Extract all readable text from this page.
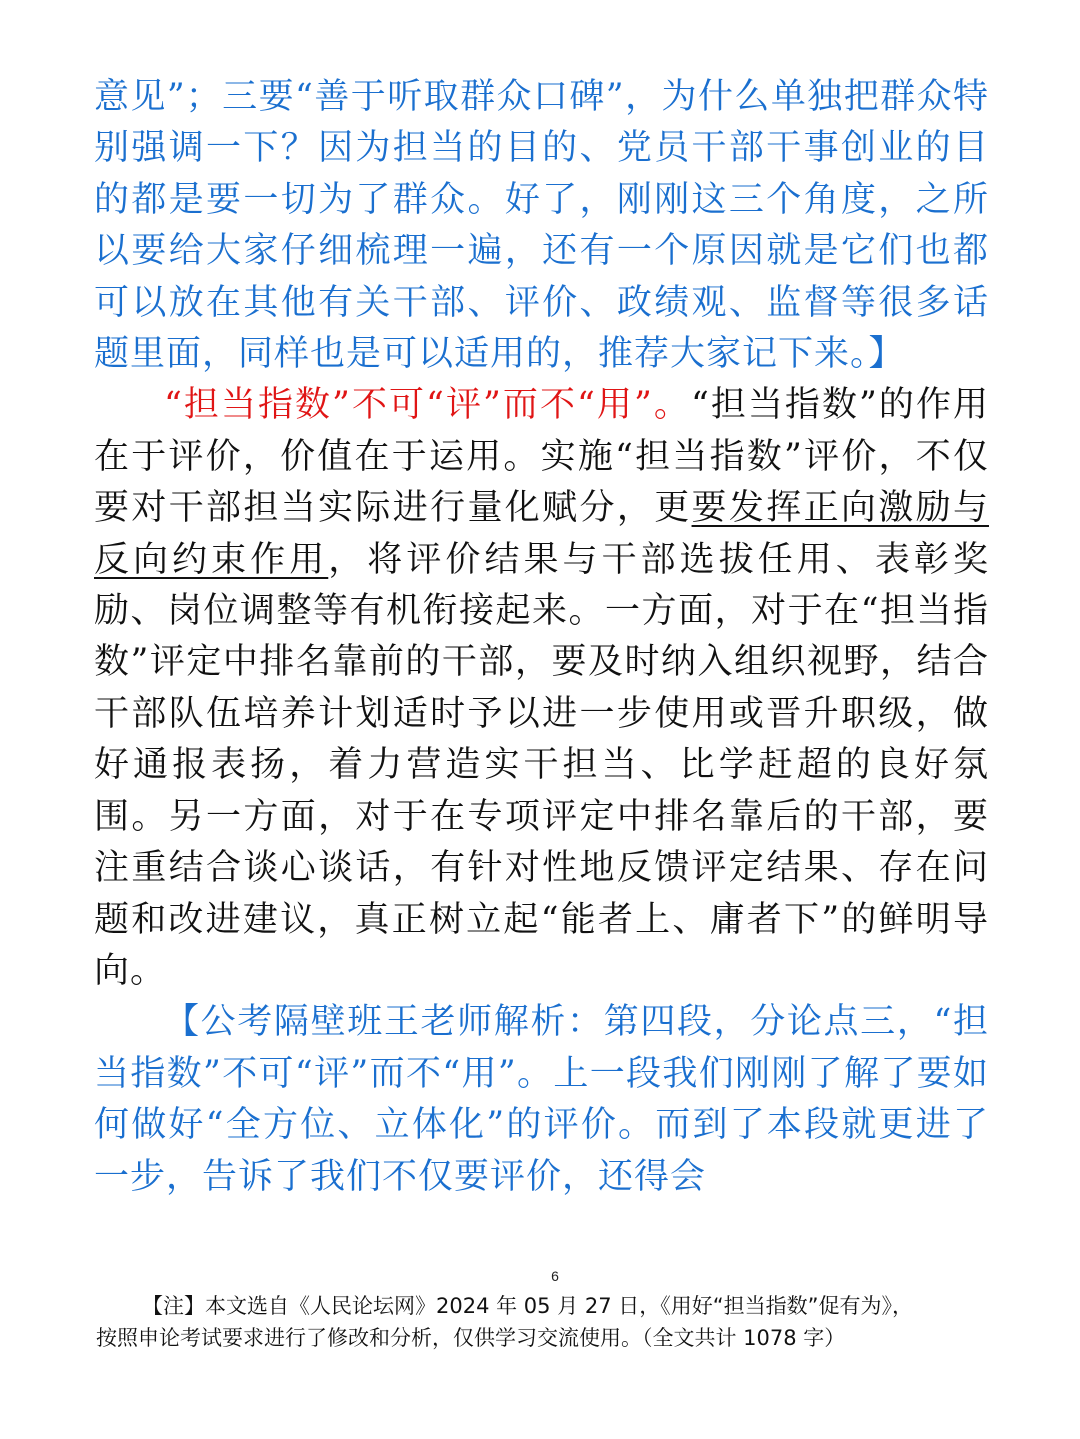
意见”；三要“善于听取群众口碑”，为什么单独把群众特别强调一下？因为担当的目的、党员干部干事创业的目的都是要一切为了群众。好了，刚刚这三个角度，之所以要给大家仔细梳理一遍，还有一个原因就是它们也都可以放在其他有关干部、评价、政绩观、监督等很多话题里面，同样也是可以适用的，推荐大家记下来。】

“担当指数”不可“评”而不“用”。“担当指数”的作用在于评价，价值在于运用。实施“担当指数”评价，不仅要对干部担当实际进行量化赋分，更要发挥正向激励与反向约束作用，将评价结果与干部选拔任用、表彰奖励、岗位调整等有机衔接起来。一方面，对于在“担当指数”评定中排名靠前的干部，要及时纳入组织视野，结合干部队伍培养计划适时予以进一步使用或晋升职级，做好通报表扬，着力营造实干担当、比学赶超的良好氛围。另一方面，对于在专项评定中排名靠后的干部，要注重结合谈心谈话，有针对性地反馈评定结果、存在问题和改进建议，真正树立起“能者上、庸者下”的鲜明导向。

【公考隔壁班王老师解析：第四段，分论点三，“担当指数”不可“评”而不“用”。上一段我们刚刚了解了要如何做好“全方位、立体化”的评价。而到了本段就更进了一步，告诉了我们不仅要评价，还得会

6

【注】本文选自《人民论坛网》2024 年 05 月 27 日，《用好“担当指数”促有为》，

按照申论考试要求进行了修改和分析，仅供学习交流使用。（全文共计 1078 字）
